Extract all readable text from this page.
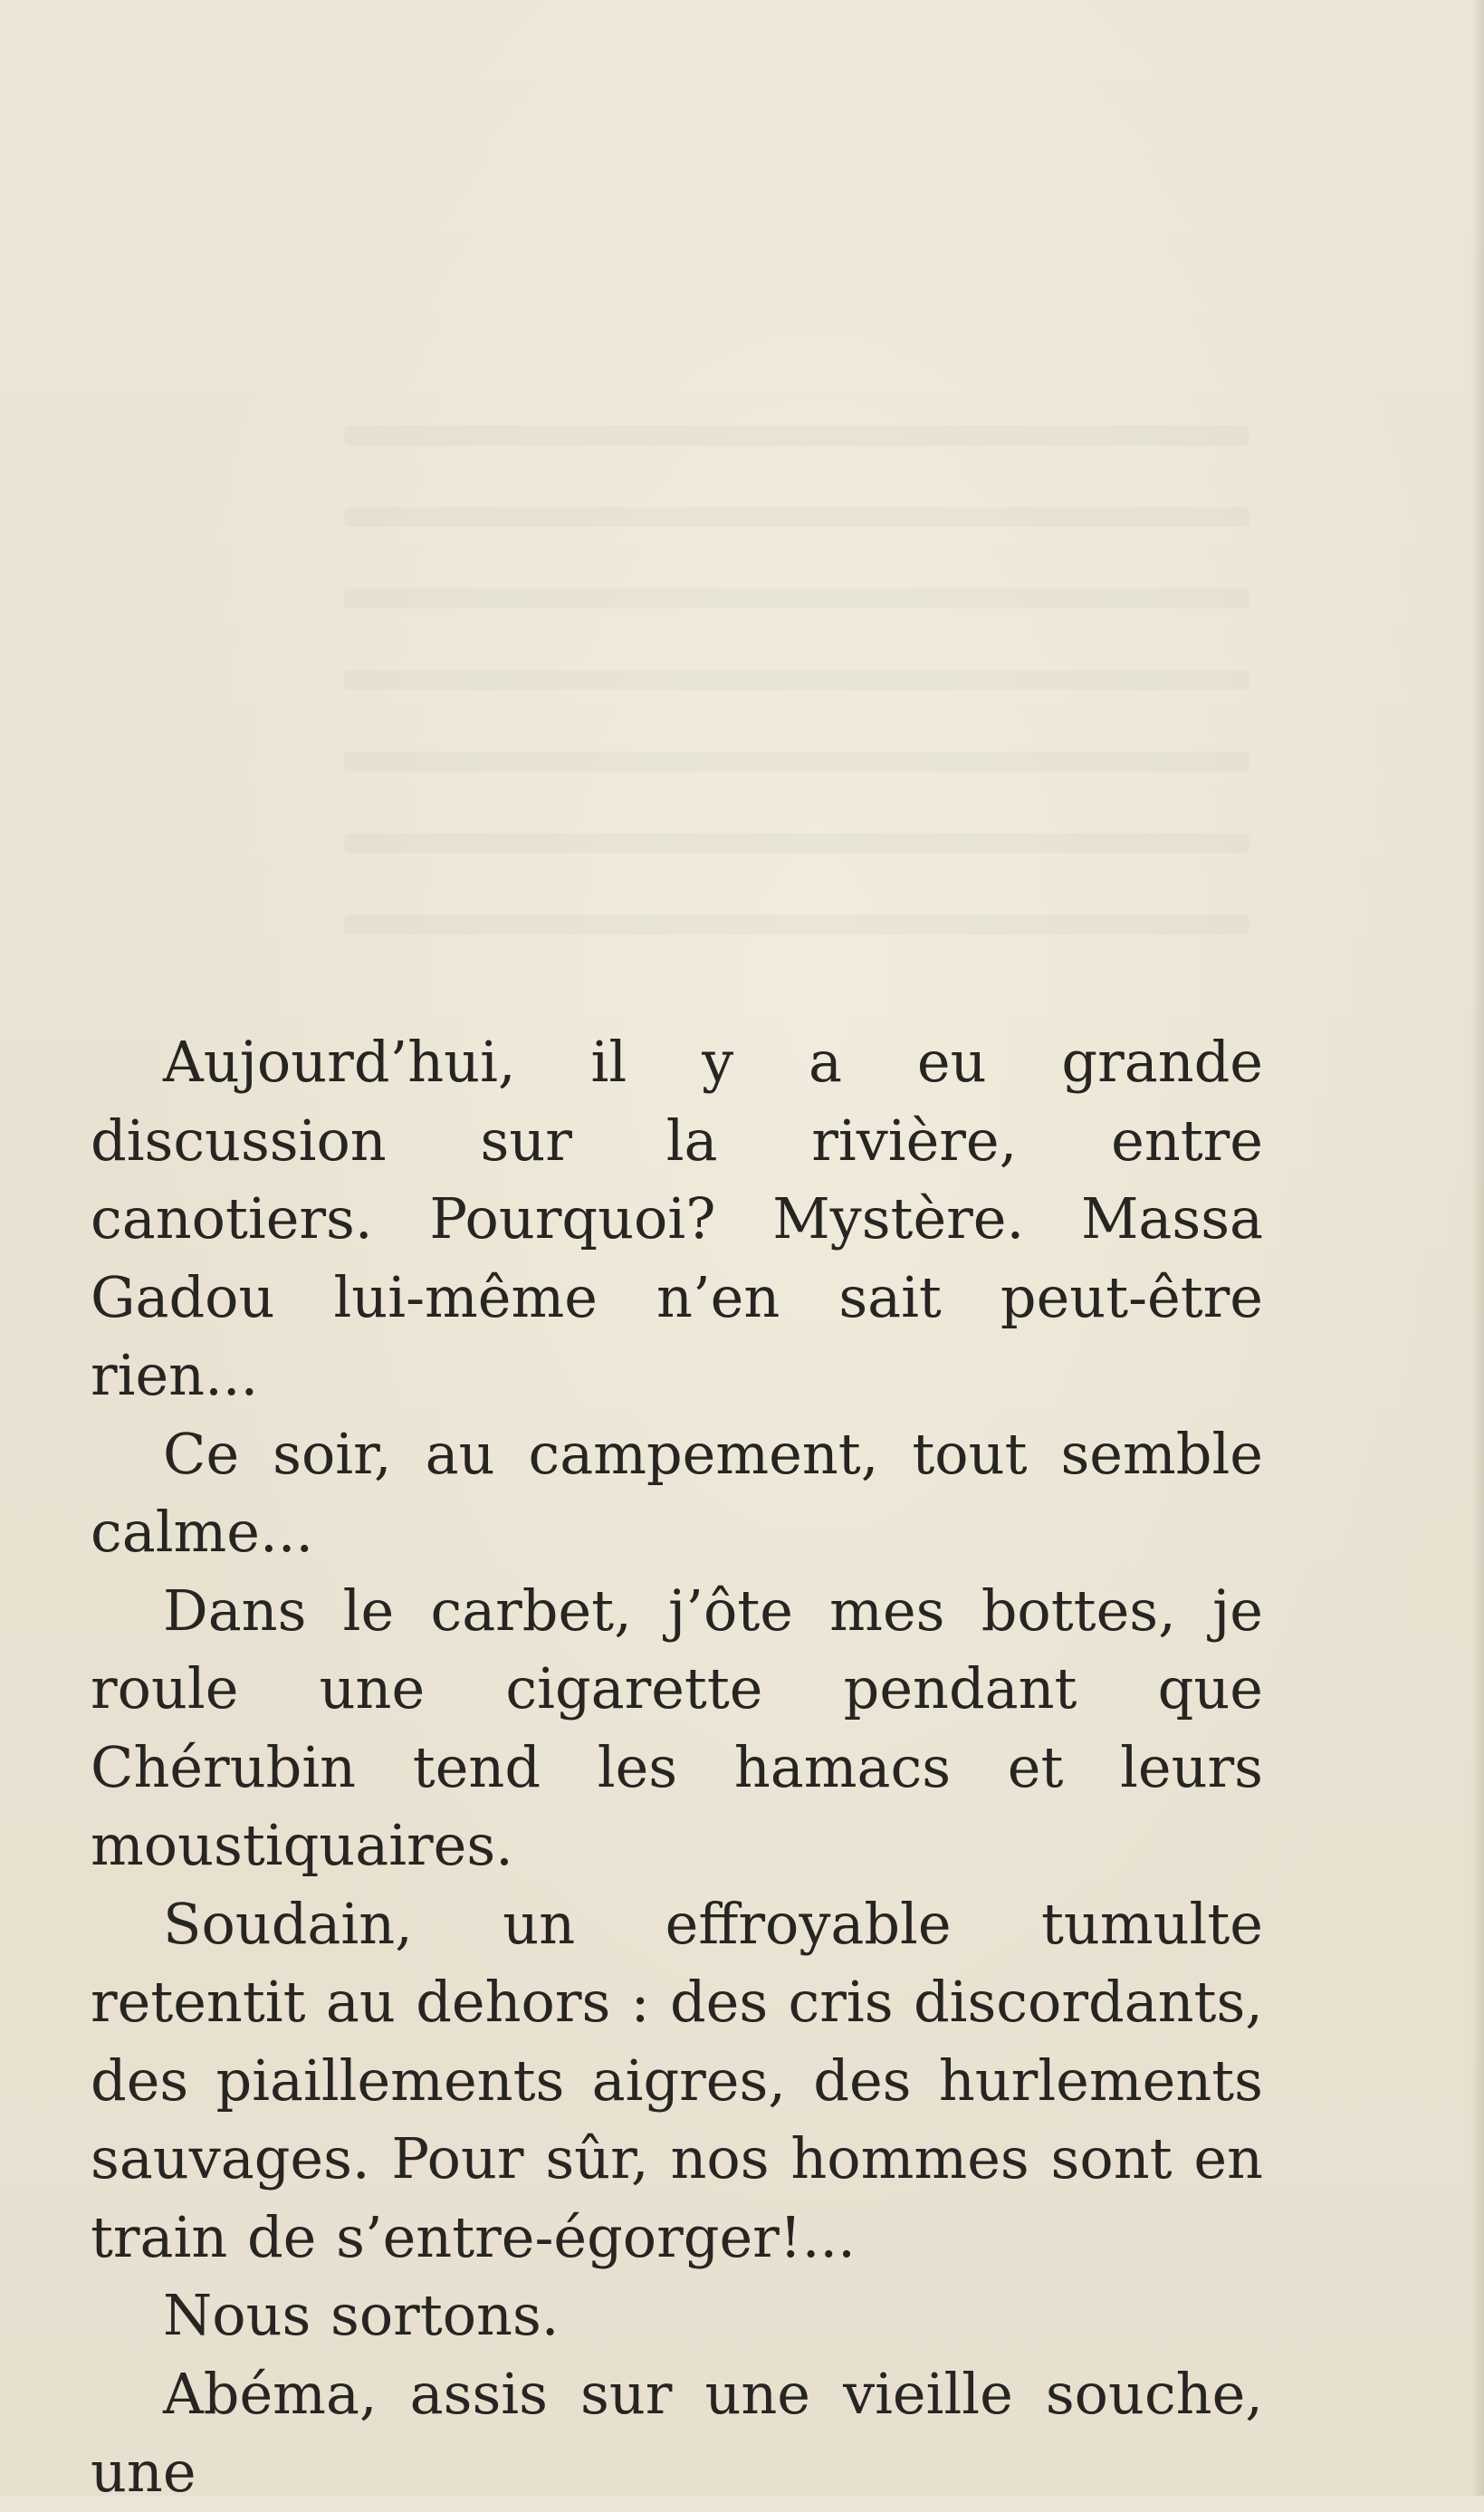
Aujourd’hui, il y a eu grande discussion sur la rivière, entre canotiers. Pourquoi? Mystère. Massa Gadou lui-même n’en sait peut-être rien...

Ce soir, au campement, tout semble calme...

Dans le carbet, j’ôte mes bottes, je roule une cigarette pendant que Chérubin tend les hamacs et leurs moustiquaires.

Soudain, un effroyable tumulte retentit au dehors : des cris discordants, des piaillements aigres, des hurlements sauvages. Pour sûr, nos hommes sont en train de s’entre-égorger!...

Nous sortons.

Abéma, assis sur une vieille souche, une
